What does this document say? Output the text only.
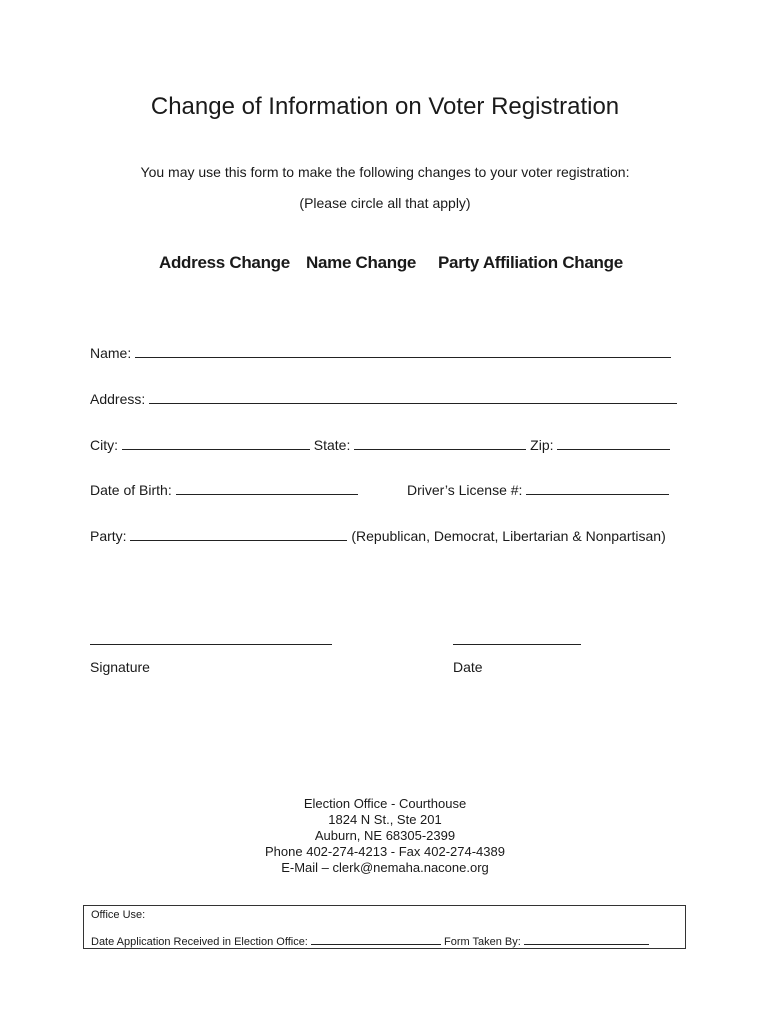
Change of Information on Voter Registration
You may use this form to make the following changes to your voter registration:
(Please circle all that apply)
Address Change Name Change Party Affiliation Change
Name:
Address:
City:	State:	Zip:
Date of Birth:	Driver’s License #:
Party:	(Republican, Democrat, Libertarian & Nonpartisan)
Signature	Date
Election Office - Courthouse
1824 N St., Ste 201
Auburn, NE 68305-2399
Phone 402-274-4213 - Fax 402-274-4389
E-Mail – clerk@nemaha.nacone.org
Office Use:
Date Application Received in Election Office:	Form Taken By:
